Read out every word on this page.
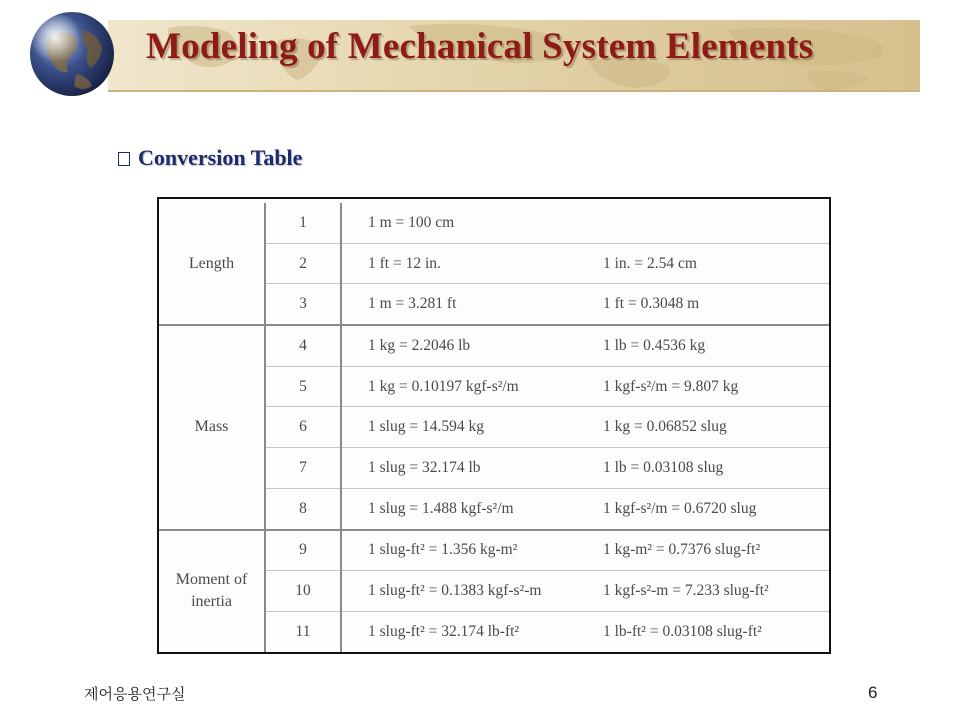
Modeling of Mechanical System Elements
Conversion Table
Length	1	1 m = 100 cm	
	2	1 ft = 12 in.	1 in. = 2.54 cm
	3	1 m = 3.281 ft	1 ft = 0.3048 m
Mass	4	1 kg = 2.2046 lb	1 lb = 0.4536 kg
	5	1 kg = 0.10197 kgf-s²/m	1 kgf-s²/m = 9.807 kg
	6	1 slug = 14.594 kg	1 kg = 0.06852 slug
	7	1 slug = 32.174 lb	1 lb = 0.03108 slug
	8	1 slug = 1.488 kgf-s²/m	1 kgf-s²/m = 0.6720 slug
Moment of inertia	9	1 slug-ft² = 1.356 kg-m²	1 kg-m² = 0.7376 slug-ft²
	10	1 slug-ft² = 0.1383 kgf-s²-m	1 kgf-s²-m = 7.233 slug-ft²
	11	1 slug-ft² = 32.174 lb-ft²	1 lb-ft² = 0.03108 slug-ft²
제어응용연구실	6
